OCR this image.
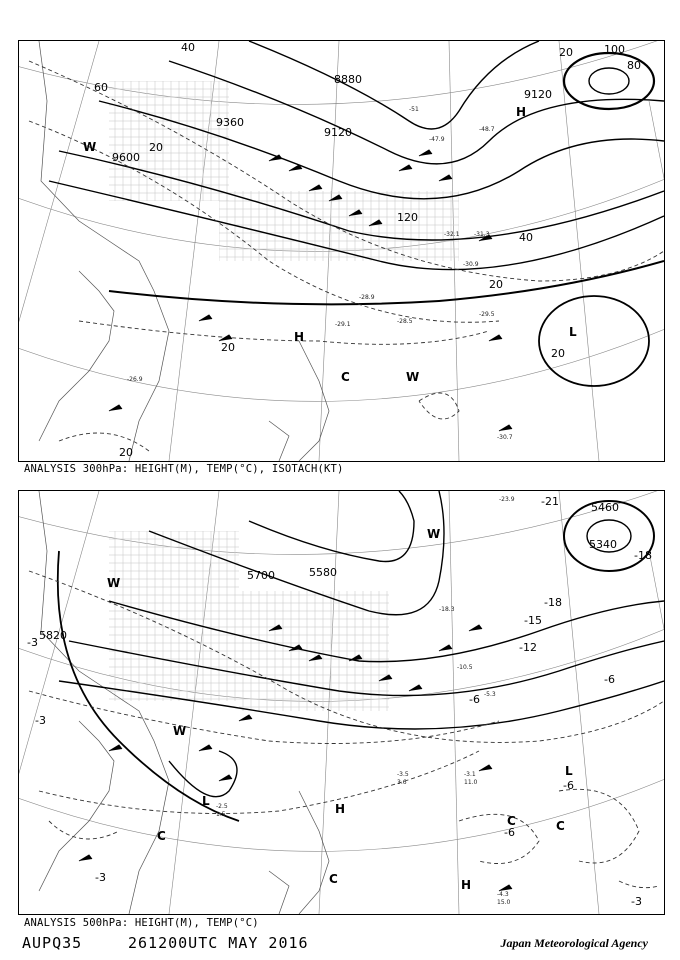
9600
9360
8880
9120
9120
40
60
20
20	100
80
120
40
20
20
20
20
-30.7
-26.9
-29.1
-31.3
-29.5
-30.9
-28.9
-47.9
-48.7
-51
-32.1
-28.5
H
H
L
C	W
W
ANALYSIS 300hPa: HEIGHT(M), TEMP(°C), ISOTACH(KT)
5820
5700
5460
5340
5580
-3
-3
-3
-3
-6
-6
-6
-6
-12
-15
-18
-18
-21
-3.1
11.0
-3.5
3.6
-4.3
15.0
-2.5
1.5
-5.3
-18.3
-10.5
-23.9
W
W
W
H
H
L
L
C
C
C
C
ANALYSIS 500hPa: HEIGHT(M), TEMP(°C)
AUPQ35	261200UTC MAY 2016	Japan Meteorological Agency
